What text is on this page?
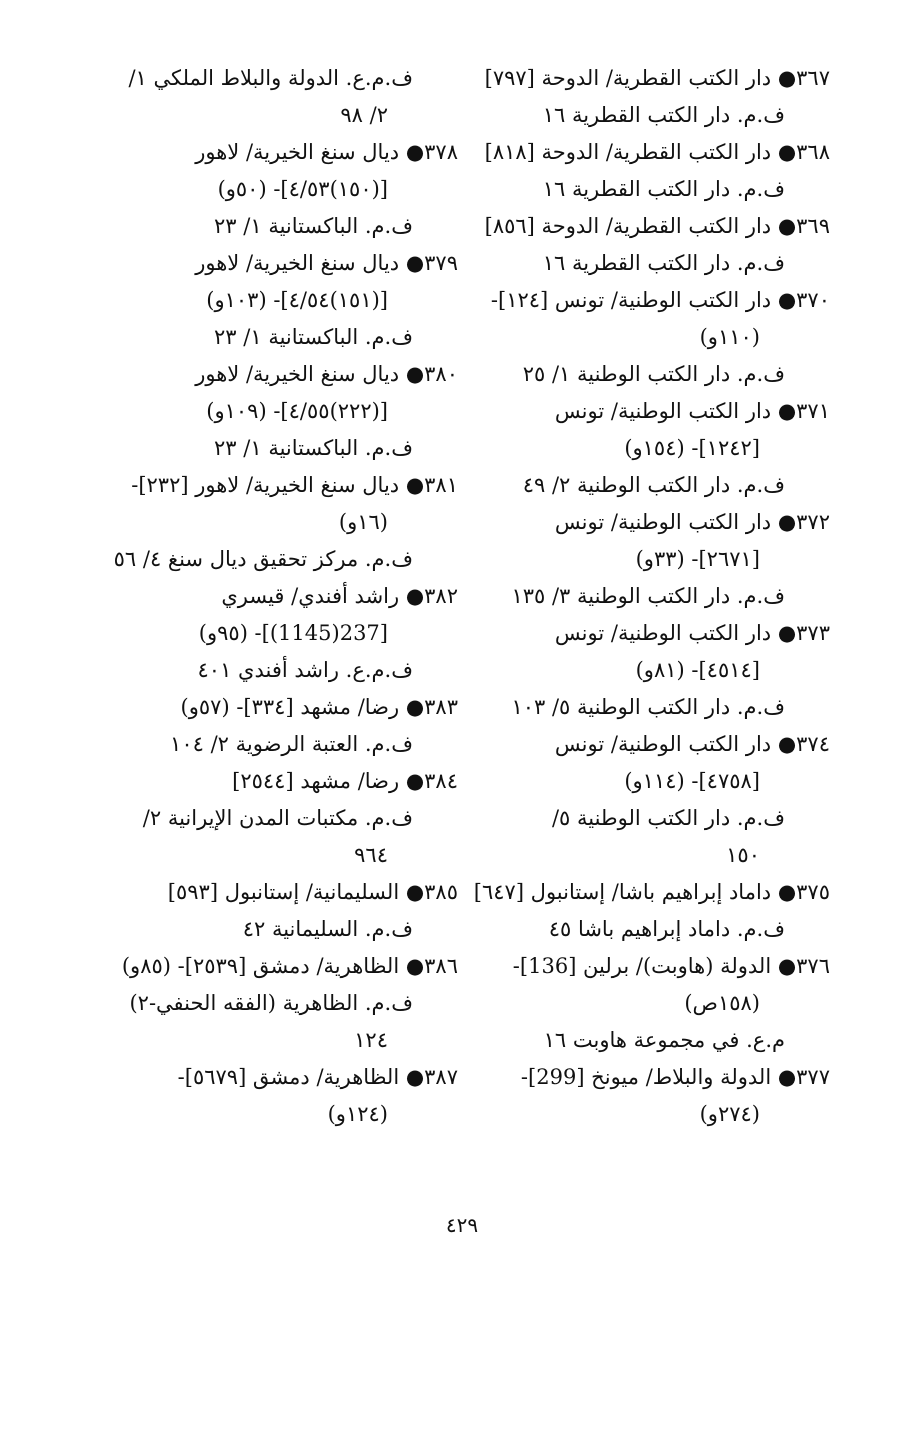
٣٦٧● دار الكتب القطرية/ الدوحة [٧٩٧]
ف.م. دار الكتب القطرية ١٦
٣٦٨● دار الكتب القطرية/ الدوحة [٨١٨]
ف.م. دار الكتب القطرية ١٦
٣٦٩● دار الكتب القطرية/ الدوحة [٨٥٦]
ف.م. دار الكتب القطرية ١٦
٣٧٠● دار الكتب الوطنية/ تونس [١٢٤]-
(١١٠و)
ف.م. دار الكتب الوطنية ١/ ٢٥
٣٧١● دار الكتب الوطنية/ تونس
[١٢٤٢]- (١٥٤و)
ف.م. دار الكتب الوطنية ٢/ ٤٩
٣٧٢● دار الكتب الوطنية/ تونس
[٢٦٧١]- (٣٣و)
ف.م. دار الكتب الوطنية ٣/ ١٣٥
٣٧٣● دار الكتب الوطنية/ تونس
[٤٥١٤]- (٨١و)
ف.م. دار الكتب الوطنية ٥/ ١٠٣
٣٧٤● دار الكتب الوطنية/ تونس
[٤٧٥٨]- (١١٤و)
ف.م. دار الكتب الوطنية ٥/
١٥٠
٣٧٥● داماد إبراهيم باشا/ إستانبول [٦٤٧]
ف.م. داماد إبراهيم باشا ٤٥
٣٧٦● الدولة (هاوبت)/ برلين [136]-
(١٥٨ص)
م.ع. في مجموعة هاوبت ١٦
٣٧٧● الدولة والبلاط/ ميونخ [299]-
(٢٧٤و)
ف.م.ع. الدولة والبلاط الملكي ١/
٢/ ٩٨
٣٧٨● ديال سنغ الخيرية/ لاهور
[(١٥٠)٤/٥٣]- (٥٠و)
ف.م. الباكستانية ١/ ٢٣
٣٧٩● ديال سنغ الخيرية/ لاهور
[(١٥١)٤/٥٤]- (١٠٣و)
ف.م. الباكستانية ١/ ٢٣
٣٨٠● ديال سنغ الخيرية/ لاهور
[(٢٢٢)٤/٥٥]- (١٠٩و)
ف.م. الباكستانية ١/ ٢٣
٣٨١● ديال سنغ الخيرية/ لاهور [٢٣٢]-
(١٦و)
ف.م. مركز تحقيق ديال سنغ ٤/ ٥٦
٣٨٢● راشد أفندي/ قيسري
[237(1145)]- (٩٥و)
ف.م.ع. راشد أفندي ٤٠١
٣٨٣● رضا/ مشهد [٣٣٤]- (٥٧و)
ف.م. العتبة الرضوية ٢/ ١٠٤
٣٨٤● رضا/ مشهد [٢٥٤٤]
ف.م. مكتبات المدن الإيرانية ٢/
٩٦٤
٣٨٥● السليمانية/ إستانبول [٥٩٣]
ف.م. السليمانية ٤٢
٣٨٦● الظاهرية/ دمشق [٢٥٣٩]- (٨٥و)
ف.م. الظاهرية (الفقه الحنفي-٢)
١٢٤
٣٨٧● الظاهرية/ دمشق [٥٦٧٩]-
(١٢٤و)
٤٢٩
